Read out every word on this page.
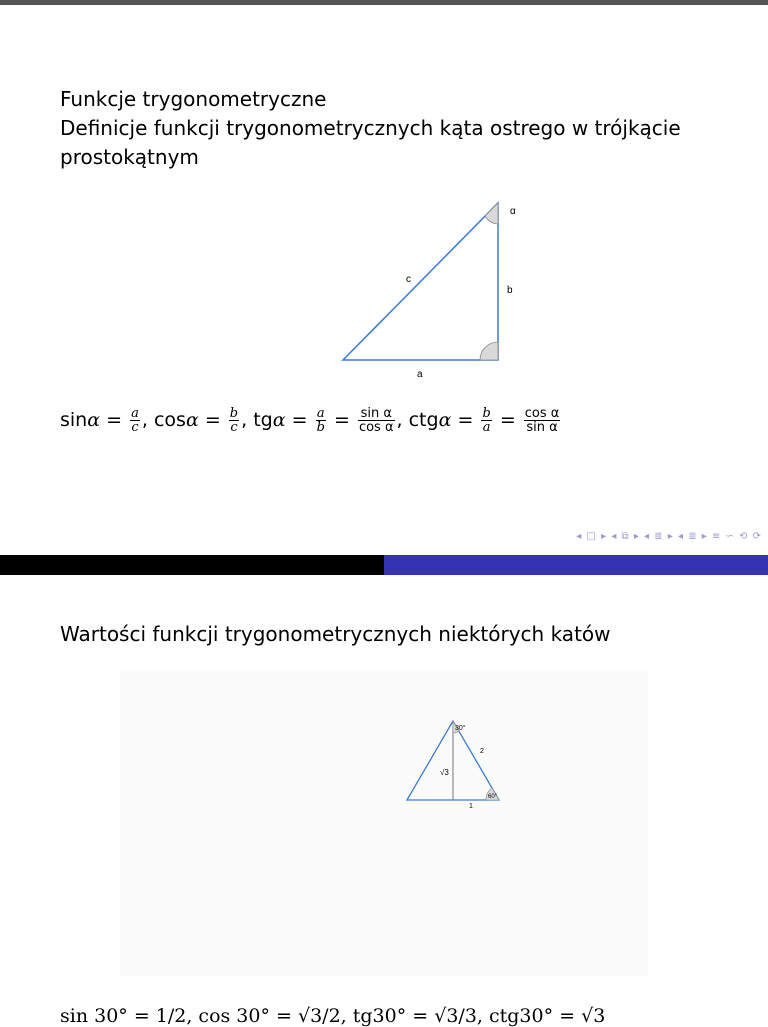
Funkcje trygonometryczne
Definicje funkcji trygonometrycznych kąta ostrego w trójkącie
prostokątnym
α
c
b
a
$\sin\alpha = \frac{a}{c}$ , $\cos\alpha = \frac{b}{c}$ , $tg\alpha = \frac{a}{b} = \frac{\text{sin α}}{\text{cos α}}$ , $ctg\alpha = \frac{b}{a} = \frac{\text{cos α}}{\text{sin α}}$
◂ □ ▸ ◂ ⧉ ▸ ◂ ≣ ▸ ◂ ≣ ▸ ≡ ∽ ⟲ ⟳
Wartości funkcji trygonometrycznych niektórych katów
30°
2
√3
60°
1
sin 30° = 1/2, cos 30° = √3/2, tg30° = √3/3, ctg30° = √3
